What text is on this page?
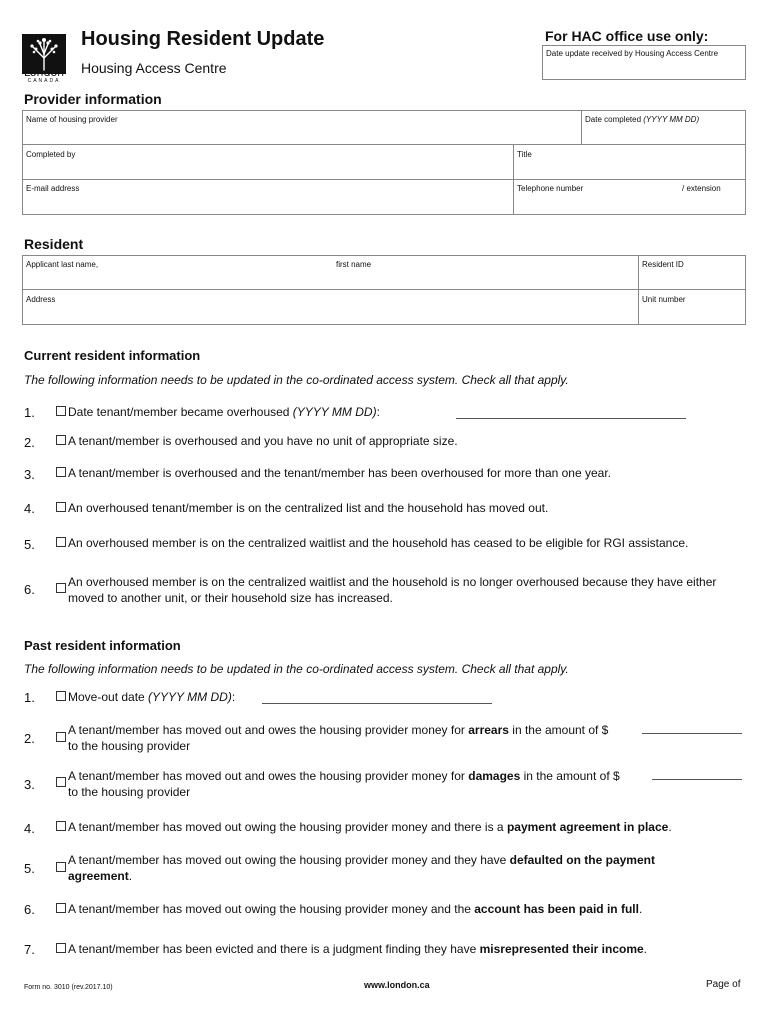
London
CANADA
Housing Resident Update
Housing Access Centre
For HAC office use only:
Date update received by Housing Access Centre
Provider information
Name of housing provider	Date completed (YYYY MM DD)
Completed by	Title
E-mail address	Telephone number	/ extension
Resident
Applicant last name,	first name	Resident ID
Address	Unit number
Current resident information
The following information needs to be updated in the co-ordinated access system. Check all that apply.
1.	Date tenant/member became overhoused (YYYY MM DD):
2.	A tenant/member is overhoused and you have no unit of appropriate size.
3.	A tenant/member is overhoused and the tenant/member has been overhoused for more than one year.
4.	An overhoused tenant/member is on the centralized list and the household has moved out.
5.	An overhoused member is on the centralized waitlist and the household has ceased to be eligible for RGI assistance.
6.	An overhoused member is on the centralized waitlist and the household is no longer overhoused because they have either
moved to another unit, or their household size has increased.
Past resident information
The following information needs to be updated in the co-ordinated access system. Check all that apply.
1.	Move-out date (YYYY MM DD):
2.
A tenant/member has moved out and owes the housing provider money for arrears in the amount of $
to the housing provider
3.
A tenant/member has moved out and owes the housing provider money for damages in the amount of $
to the housing provider
4.	A tenant/member has moved out owing the housing provider money and there is a payment agreement in place.
5.
A tenant/member has moved out owing the housing provider money and they have defaulted on the payment
agreement.
6.	A tenant/member has moved out owing the housing provider money and the account has been paid in full.
7.	A tenant/member has been evicted and there is a judgment finding they have misrepresented their income.
Form no. 3010 (rev.2017.10)	www.london.ca	Page of
